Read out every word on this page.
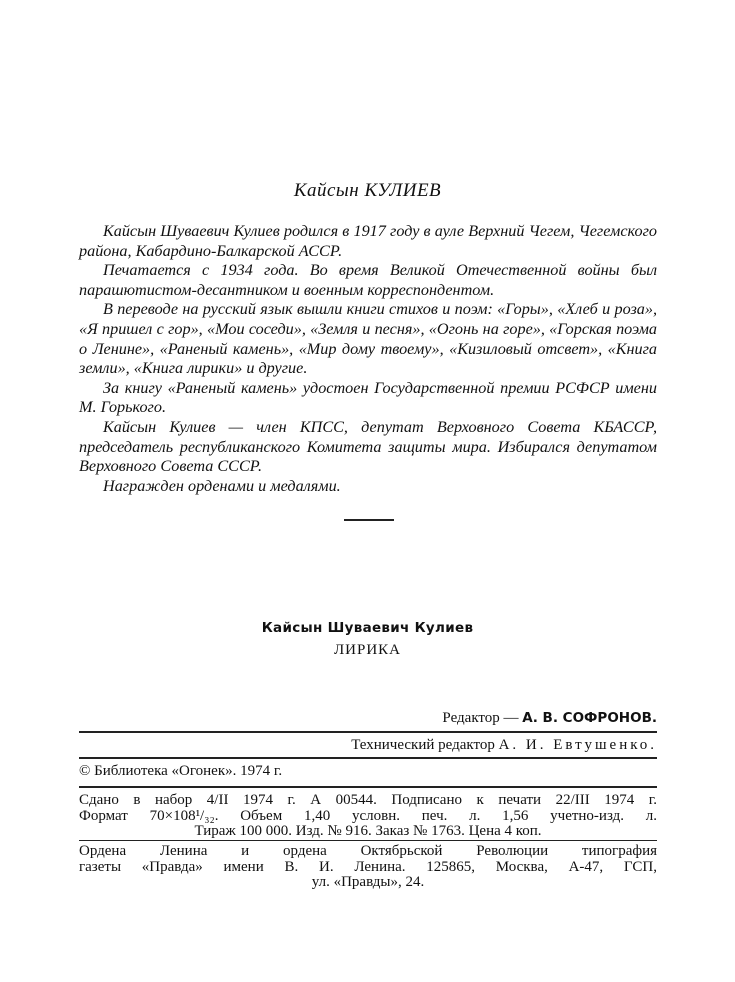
Кайсын КУЛИЕВ

Кайсын Шуваевич Кулиев родился в 1917 году в ауле Верхний Чегем, Чегемского района, Кабардино-Балкарской АССР.

Печатается с 1934 года. Во время Великой Отечественной войны был парашютистом-десантником и военным корреспондентом.

В переводе на русский язык вышли книги стихов и поэм: «Горы», «Хлеб и роза», «Я пришел с гор», «Мои соседи», «Земля и песня», «Огонь на горе», «Горская поэма о Ленине», «Раненый камень», «Мир дому твоему», «Кизиловый отсвет», «Книга земли», «Книга лирики» и другие.

За книгу «Раненый камень» удостоен Государственной премии РСФСР имени М. Горького.

Кайсын Кулиев — член КПСС, депутат Верховного Совета КБАССР, председатель республиканского Комитета защиты мира. Избирался депутатом Верховного Совета СССР.

Награжден орденами и медалями.

Кайсын Шуваевич Кулиев
ЛИРИКА
Редактор — А. В. СОФРОНОВ.
Технический редактор А. И. Евтушенко.
© Библиотека «Огонек». 1974 г.
Сдано в набор 4/II 1974 г. А 00544. Подписано к печати 22/III 1974 г.
Формат 70×108¹/₃₂. Объем 1,40 условн. печ. л. 1,56 учетно-изд. л.
Тираж 100 000. Изд. № 916. Заказ № 1763. Цена 4 коп.
Ордена Ленина и ордена Октябрьской Революции типография
газеты «Правда» имени В. И. Ленина. 125865, Москва, А-47, ГСП,
ул. «Правды», 24.
